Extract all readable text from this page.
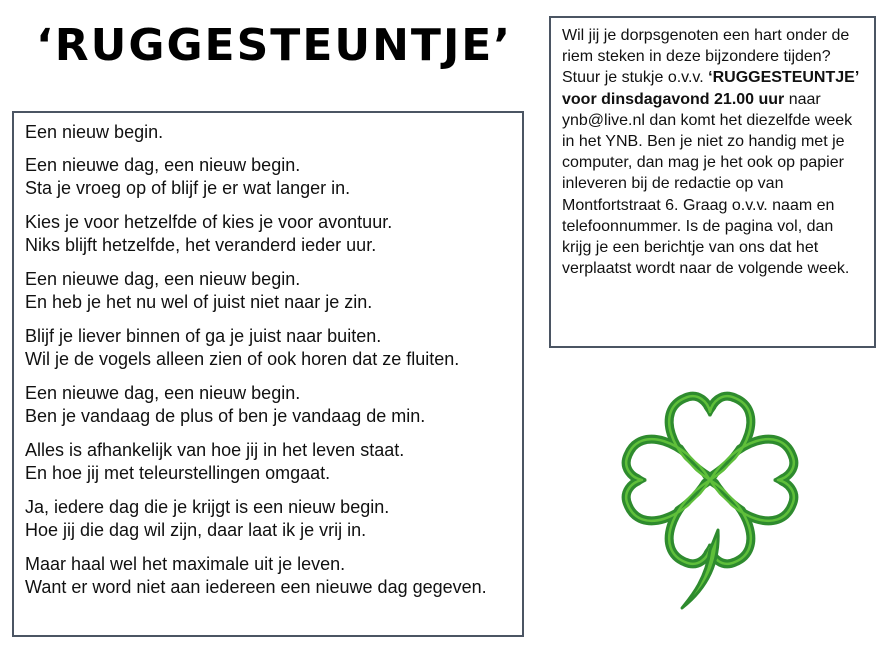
‘RUGGESTEUNTJE’
Een nieuw begin.
Een nieuwe dag, een nieuw begin.
Sta je vroeg op of blijf je er wat langer in.
Kies je voor hetzelfde of kies je voor avontuur.
Niks blijft hetzelfde, het veranderd ieder uur.
Een nieuwe dag, een nieuw begin.
En heb je het nu wel of juist niet naar je zin.
Blijf je liever binnen of ga je juist naar buiten.
Wil je de vogels alleen zien of ook horen dat ze fluiten.
Een nieuwe dag, een nieuw begin.
Ben je vandaag de plus of ben je vandaag de min.
Alles is afhankelijk van hoe jij in het leven staat.
En hoe jij met teleurstellingen omgaat.
Ja, iedere dag die je krijgt is een nieuw begin.
Hoe jij die dag wil zijn, daar laat ik je vrij in.
Maar haal wel het maximale uit je leven.
Want er word niet aan iedereen een nieuwe dag gegeven.
Wil jij je dorpsgenoten een hart onder de riem steken in deze bijzondere tijden? Stuur je stukje o.v.v. ‘RUGGESTEUNTJE’ voor dinsdagavond 21.00 uur naar ynb@live.nl dan komt het diezelfde week in het YNB. Ben je niet zo handig met je computer, dan mag je het ook op papier inleveren bij de redactie op van Montfortstraat 6. Graag o.v.v. naam en telefoonnummer. Is de pagina vol, dan krijg je een berichtje van ons dat het verplaatst wordt naar de volgende week.
